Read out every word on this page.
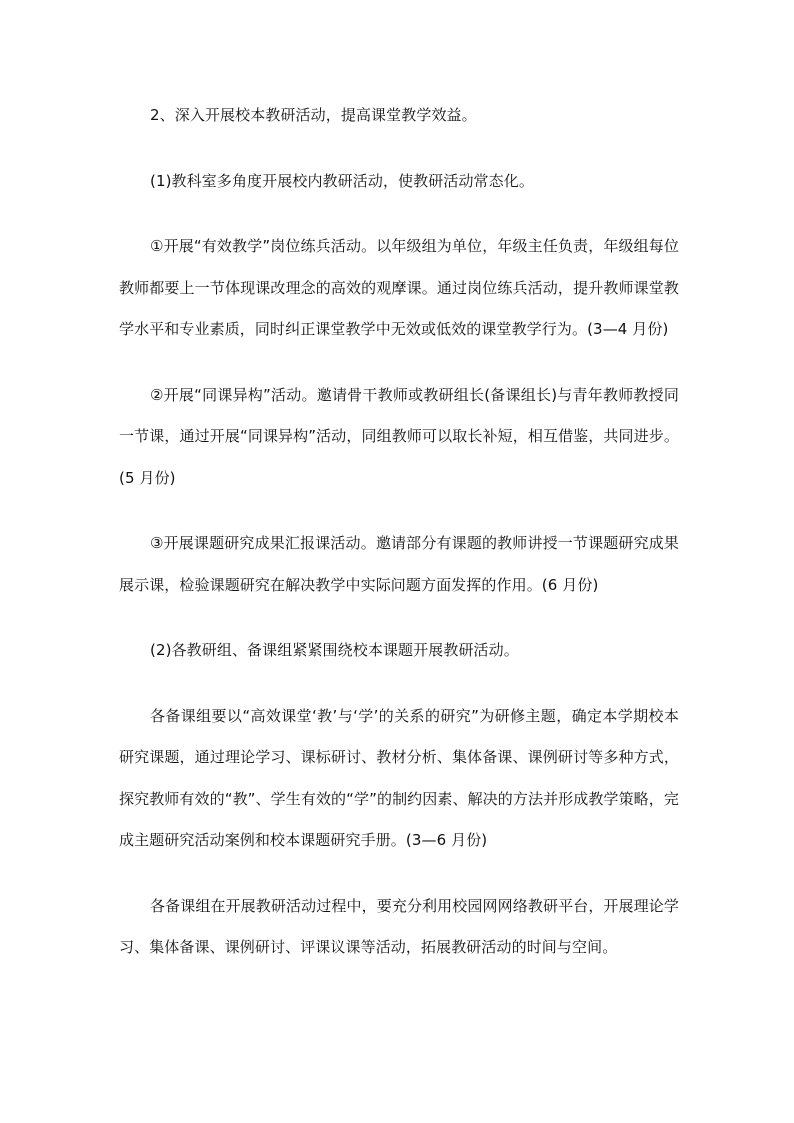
2、深入开展校本教研活动，提高课堂教学效益。

(1)教科室多角度开展校内教研活动，使教研活动常态化。

①开展“有效教学”岗位练兵活动。以年级组为单位，年级主任负责，年级组每位教师都要上一节体现课改理念的高效的观摩课。通过岗位练兵活动，提升教师课堂教学水平和专业素质，同时纠正课堂教学中无效或低效的课堂教学行为。(3—4 月份)

②开展“同课异构”活动。邀请骨干教师或教研组长(备课组长)与青年教师教授同一节课，通过开展“同课异构”活动，同组教师可以取长补短，相互借鉴，共同进步。(5 月份)

③开展课题研究成果汇报课活动。邀请部分有课题的教师讲授一节课题研究成果展示课，检验课题研究在解决教学中实际问题方面发挥的作用。(6 月份)

(2)各教研组、备课组紧紧围绕校本课题开展教研活动。

各备课组要以“高效课堂‘教’与‘学’的关系的研究”为研修主题，确定本学期校本研究课题，通过理论学习、课标研讨、教材分析、集体备课、课例研讨等多种方式，探究教师有效的“教”、学生有效的“学”的制约因素、解决的方法并形成教学策略，完成主题研究活动案例和校本课题研究手册。(3—6 月份)

各备课组在开展教研活动过程中，要充分利用校园网网络教研平台，开展理论学习、集体备课、课例研讨、评课议课等活动，拓展教研活动的时间与空间。
